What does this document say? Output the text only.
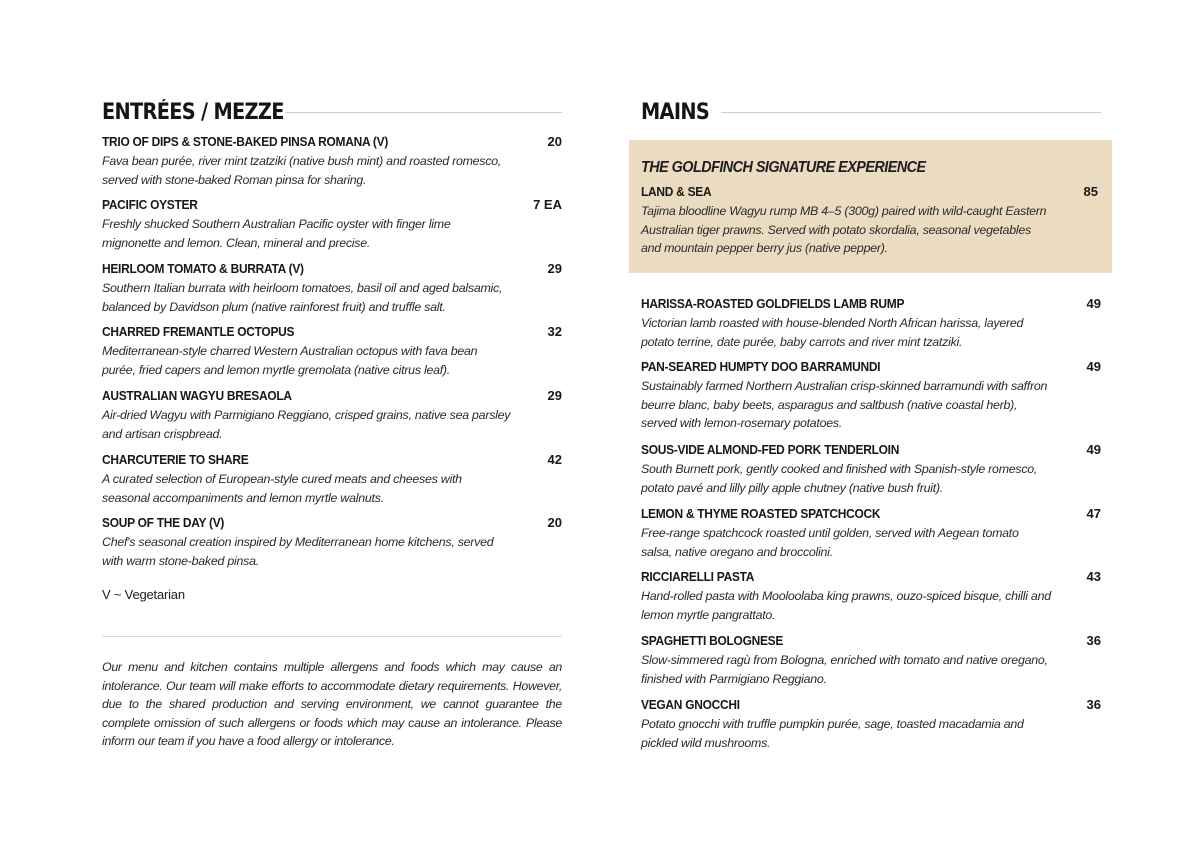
ENTRÉES / MEZZE
TRIO OF DIPS & STONE-BAKED PINSA ROMANA (V)	20
Fava bean purée, river mint tzatziki (native bush mint) and roasted romesco, served with stone-baked Roman pinsa for sharing.
PACIFIC OYSTER	7 EA
Freshly shucked Southern Australian Pacific oyster with finger lime mignonette and lemon. Clean, mineral and precise.
HEIRLOOM TOMATO & BURRATA (V)	29
Southern Italian burrata with heirloom tomatoes, basil oil and aged balsamic, balanced by Davidson plum (native rainforest fruit) and truffle salt.
CHARRED FREMANTLE OCTOPUS	32
Mediterranean-style charred Western Australian octopus with fava bean purée, fried capers and lemon myrtle gremolata (native citrus leaf).
AUSTRALIAN WAGYU BRESAOLA	29
Air-dried Wagyu with Parmigiano Reggiano, crisped grains, native sea parsley and artisan crispbread.
CHARCUTERIE TO SHARE	42
A curated selection of European-style cured meats and cheeses with seasonal accompaniments and lemon myrtle walnuts.
SOUP OF THE DAY (V)	20
Chef's seasonal creation inspired by Mediterranean home kitchens, served with warm stone-baked pinsa.
V ~ Vegetarian

Our menu and kitchen contains multiple allergens and foods which may cause an intolerance. Our team will make efforts to accommodate dietary requirements. However, due to the shared production and serving environment, we cannot guarantee the complete omission of such allergens or foods which may cause an intolerance. Please inform our team if you have a food allergy or intolerance.

MAINS
THE GOLDFINCH SIGNATURE EXPERIENCE
LAND & SEA	85
Tajima bloodline Wagyu rump MB 4–5 (300g) paired with wild-caught Eastern Australian tiger prawns. Served with potato skordalia, seasonal vegetables and mountain pepper berry jus (native pepper).
HARISSA-ROASTED GOLDFIELDS LAMB RUMP	49
Victorian lamb roasted with house-blended North African harissa, layered potato terrine, date purée, baby carrots and river mint tzatziki.
PAN-SEARED HUMPTY DOO BARRAMUNDI	49
Sustainably farmed Northern Australian crisp-skinned barramundi with saffron beurre blanc, baby beets, asparagus and saltbush (native coastal herb), served with lemon-rosemary potatoes.
SOUS-VIDE ALMOND-FED PORK TENDERLOIN	49
South Burnett pork, gently cooked and finished with Spanish-style romesco, potato pavé and lilly pilly apple chutney (native bush fruit).
LEMON & THYME ROASTED SPATCHCOCK	47
Free-range spatchcock roasted until golden, served with Aegean tomato salsa, native oregano and broccolini.
RICCIARELLI PASTA	43
Hand-rolled pasta with Mooloolaba king prawns, ouzo-spiced bisque, chilli and lemon myrtle pangrattato.
SPAGHETTI BOLOGNESE	36
Slow-simmered ragù from Bologna, enriched with tomato and native oregano, finished with Parmigiano Reggiano.
VEGAN GNOCCHI	36
Potato gnocchi with truffle pumpkin purée, sage, toasted macadamia and pickled wild mushrooms.
